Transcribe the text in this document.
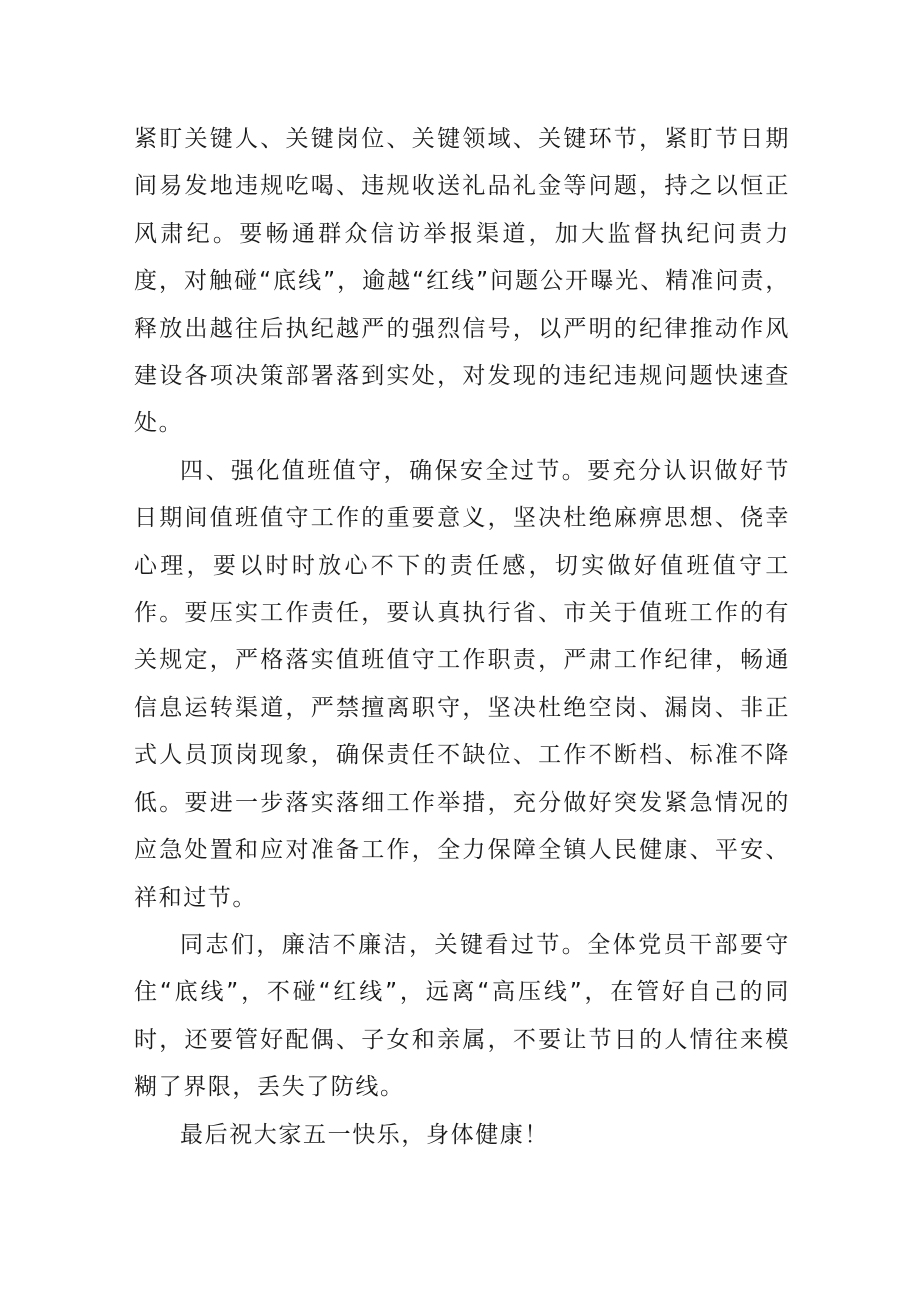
紧盯关键人、关键岗位、关键领域、关键环节，紧盯节日期间易发地违规吃喝、违规收送礼品礼金等问题，持之以恒正风肃纪。要畅通群众信访举报渠道，加大监督执纪问责力度，对触碰“底线”，逾越“红线”问题公开曝光、精准问责，释放出越往后执纪越严的强烈信号，以严明的纪律推动作风建设各项决策部署落到实处，对发现的违纪违规问题快速查处。

四、强化值班值守，确保安全过节。要充分认识做好节日期间值班值守工作的重要意义，坚决杜绝麻痹思想、侥幸心理，要以时时放心不下的责任感，切实做好值班值守工作。要压实工作责任，要认真执行省、市关于值班工作的有关规定，严格落实值班值守工作职责，严肃工作纪律，畅通信息运转渠道，严禁擅离职守，坚决杜绝空岗、漏岗、非正式人员顶岗现象，确保责任不缺位、工作不断档、标准不降低。要进一步落实落细工作举措，充分做好突发紧急情况的应急处置和应对准备工作，全力保障全镇人民健康、平安、祥和过节。

同志们，廉洁不廉洁，关键看过节。全体党员干部要守住“底线”，不碰“红线”，远离“高压线”，在管好自己的同时，还要管好配偶、子女和亲属，不要让节日的人情往来模糊了界限，丢失了防线。

最后祝大家五一快乐，身体健康！
